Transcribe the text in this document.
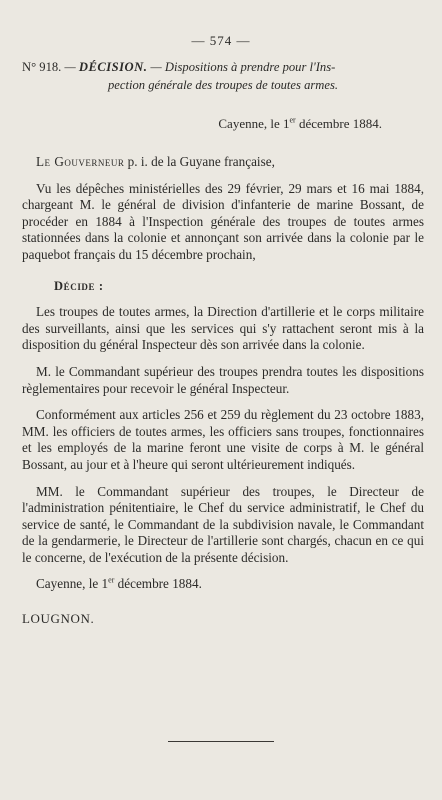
— 574 —
N° 918. — DÉCISION. — Dispositions à prendre pour l'Ins-
pection générale des troupes de toutes armes.
Cayenne, le 1er décembre 1884.

Le Gouverneur p. i. de la Guyane française,

Vu les dépêches ministérielles des 29 février, 29 mars et 16 mai 1884, chargeant M. le général de division d'infanterie de marine Bossant, de procéder en 1884 à l'Inspection générale des troupes de toutes armes stationnées dans la colonie et annonçant son arrivée dans la colonie par le paquebot français du 15 décembre prochain,

Décide :

Les troupes de toutes armes, la Direction d'artillerie et le corps militaire des surveillants, ainsi que les services qui s'y rattachent seront mis à la disposition du général Inspecteur dès son arrivée dans la colonie.

M. le Commandant supérieur des troupes prendra toutes les dispositions règlementaires pour recevoir le général Inspecteur.

Conformément aux articles 256 et 259 du règlement du 23 octobre 1883, MM. les officiers de toutes armes, les officiers sans troupes, fonctionnaires et les employés de la marine feront une visite de corps à M. le général Bossant, au jour et à l'heure qui seront ultérieurement indiqués.

MM. le Commandant supérieur des troupes, le Directeur de l'administration pénitentiaire, le Chef du service administratif, le Chef du service de santé, le Commandant de la subdivision navale, le Commandant de la gendarmerie, le Directeur de l'artillerie sont chargés, chacun en ce qui le concerne, de l'exécution de la présente décision.

Cayenne, le 1er décembre 1884.

LOUGNON.
